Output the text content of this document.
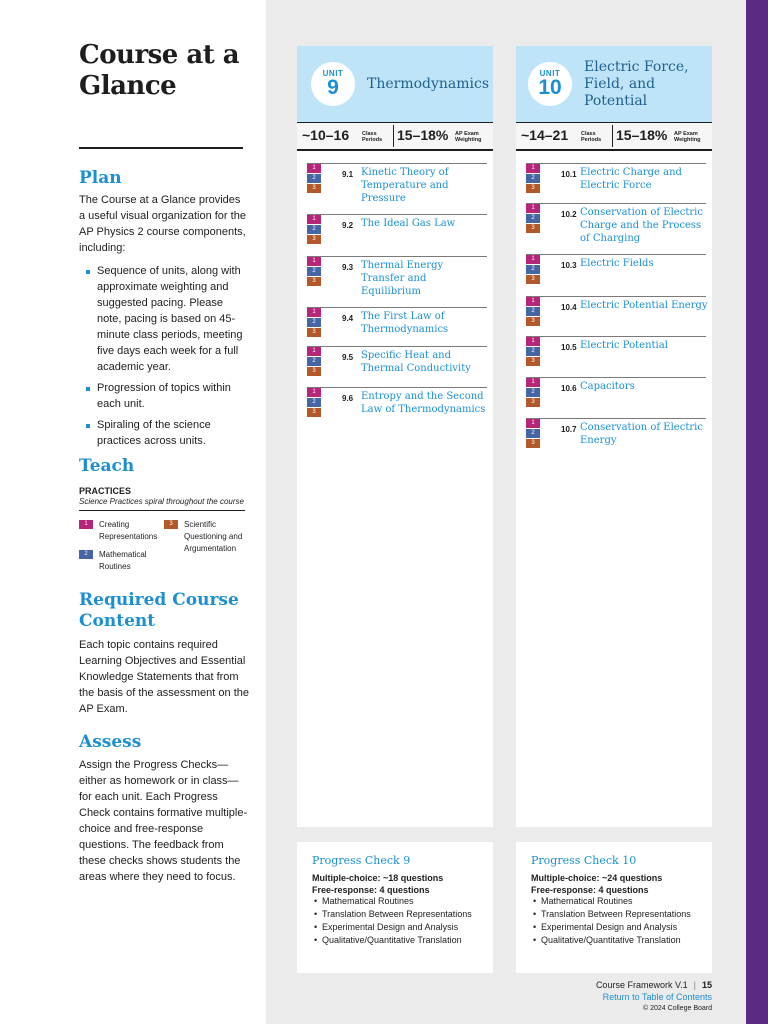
Course at a Glance
Plan
The Course at a Glance provides a useful visual organization for the AP Physics 2 course components, including:
Sequence of units, along with approximate weighting and suggested pacing. Please note, pacing is based on 45-minute class periods, meeting five days each week for a full academic year.
Progression of topics within each unit.
Spiraling of the science practices across units.
Teach
PRACTICES
Science Practices spiral throughout the course
1	Creating Representations
2	Mathematical Routines
3	Scientific Questioning and Argumentation
Required Course Content
Each topic contains required Learning Objectives and Essential Knowledge Statements that from the basis of the assessment on the AP Exam.
Assess
Assign the Progress Checks—either as homework or in class—for each unit. Each Progress Check contains formative multiple-choice and free-response questions. The feedback from these checks shows students the areas where they need to focus.
UNIT
9	Thermodynamics
~10–16 Class Periods	15–18% AP Exam Weighting
1
2
3
9.1 Kinetic Theory of Temperature and Pressure
1
2
3
9.2 The Ideal Gas Law
1
2
3
9.3 Thermal Energy Transfer and Equilibrium
1
2
3
9.4 The First Law of Thermodynamics
1
2
3
9.5 Specific Heat and Thermal Conductivity
1
2
3
9.6 Entropy and the Second Law of Thermodynamics
UNIT
10
Electric Force, Field, and Potential
~14–21 Class Periods	15–18% AP Exam Weighting
1
2
3
10.1 Electric Charge and Electric Force
1
2
3
10.2 Conservation of Electric Charge and the Process of Charging
1
2
3
10.3 Electric Fields
1
2
3
10.4 Electric Potential Energy
1
2
3
10.5 Electric Potential
1
2
3
10.6 Capacitors
1
2
3
10.7 Conservation of Electric Energy
Progress Check 9
Multiple-choice: ~18 questions
Free-response: 4 questions
• Mathematical Routines
• Translation Between Representations
• Experimental Design and Analysis
• Qualitative/Quantitative Translation
Progress Check 10
Multiple-choice: ~24 questions
Free-response: 4 questions
• Mathematical Routines
• Translation Between Representations
• Experimental Design and Analysis
• Qualitative/Quantitative Translation
Course Framework V.1 | 15
Return to Table of Contents
© 2024 College Board
